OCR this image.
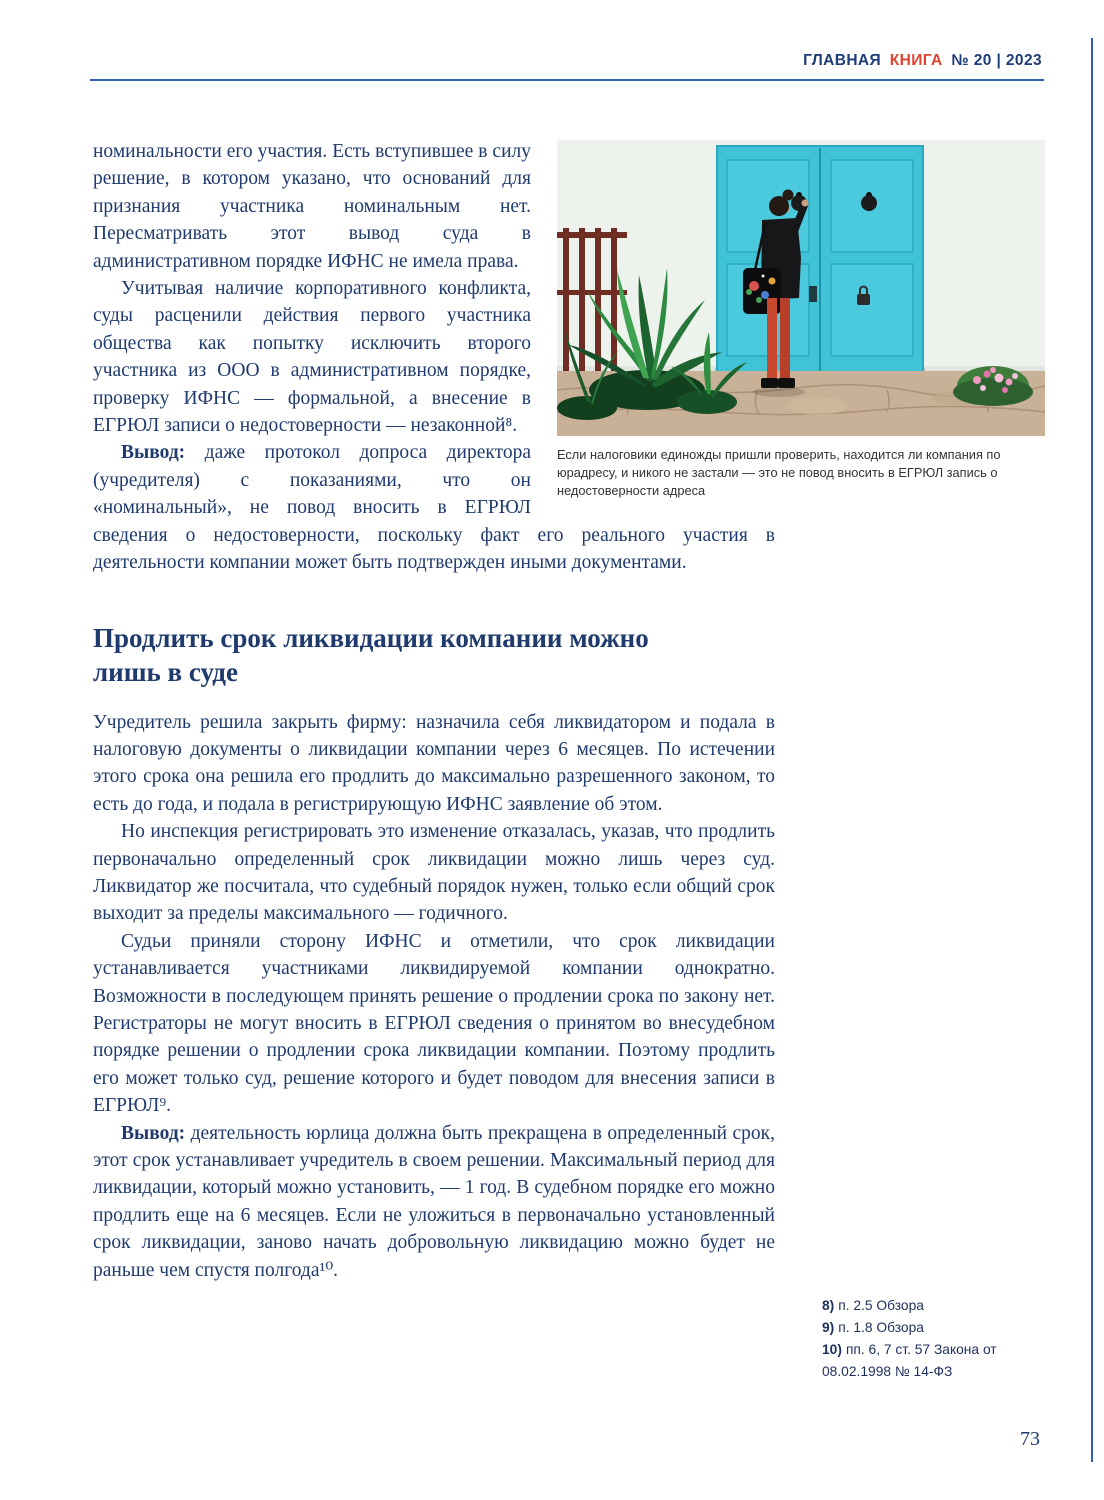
ГЛАВНАЯ КНИГА № 20 | 2023
Если налоговики единожды пришли проверить, находится ли компания по юрадресу, и никого не застали — это не повод вносить в ЕГРЮЛ запись о недостоверности адреса

номинальности его участия. Есть вступившее в силу решение, в котором указано, что оснований для признания участника номинальным нет. Пересматривать этот вывод суда в административном порядке ИФНС не имела права.

Учитывая наличие корпоративного конфликта, суды расценили действия первого участника общества как попытку исключить второго участника из ООО в административном порядке, проверку ИФНС — формальной, а внесение в ЕГРЮЛ записи о недостоверности — незаконной⁸.

Вывод: даже протокол допроса директора (учредителя) с показаниями, что он «номинальный», не повод вносить в ЕГРЮЛ сведения о недостоверности, поскольку факт его реального участия в деятельности компании может быть подтвержден иными документами.

Продлить срок ликвидации компании можно
лишь в суде

Учредитель решила закрыть фирму: назначила себя ликвидатором и подала в налоговую документы о ликвидации компании через 6 месяцев. По истечении этого срока она решила его продлить до максимально разрешенного законом, то есть до года, и подала в регистрирующую ИФНС заявление об этом.

Но инспекция регистрировать это изменение отказалась, указав, что продлить первоначально определенный срок ликвидации можно лишь через суд. Ликвидатор же посчитала, что судебный порядок нужен, только если общий срок выходит за пределы максимального — годичного.

Судьи приняли сторону ИФНС и отметили, что срок ликвидации устанавливается участниками ликвидируемой компании однократно. Возможности в последующем принять решение о продлении срока по закону нет. Регистраторы не могут вносить в ЕГРЮЛ сведения о принятом во внесудебном порядке решении о продлении срока ликвидации компании. Поэтому продлить его может только суд, решение которого и будет поводом для внесения записи в ЕГРЮЛ⁹.

Вывод: деятельность юрлица должна быть прекращена в определенный срок, этот срок устанавливает учредитель в своем решении. Максимальный период для ликвидации, который можно установить, — 1 год. В судебном порядке его можно продлить еще на 6 месяцев. Если не уложиться в первоначально установленный срок ликвидации, заново начать добровольную ликвидацию можно будет не раньше чем спустя полгода¹⁰.

8) п. 2.5 Обзора

9) п. 1.8 Обзора

10) пп. 6, 7 ст. 57 Закона от 08.02.1998 № 14-ФЗ

73
